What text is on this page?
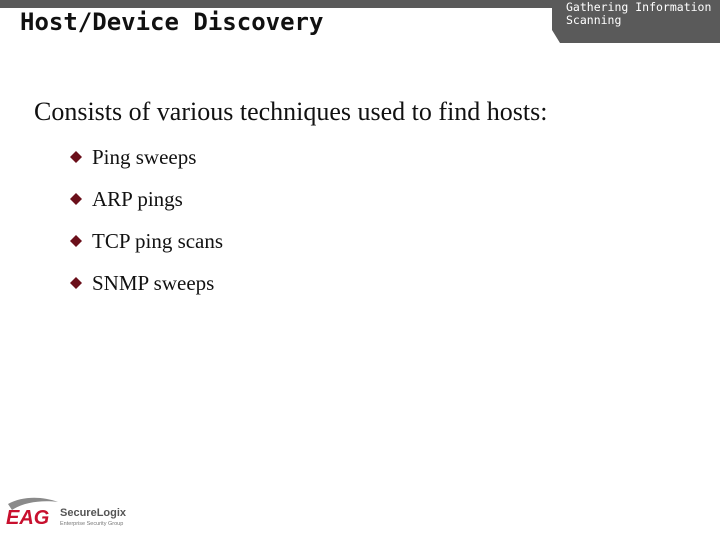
Host/Device Discovery
Gathering Information
Scanning
Consists of various techniques used to find hosts:
Ping sweeps
ARP pings
TCP ping scans
SNMP sweeps
EAG SecureLogix
Enterprise Security Group
